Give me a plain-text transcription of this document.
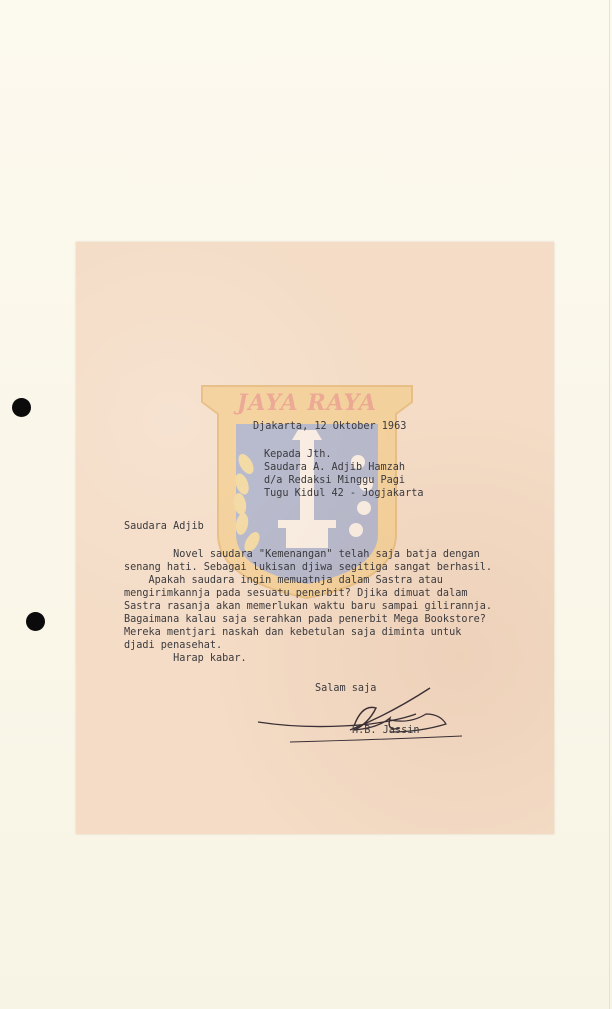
JAYA RAYA
Djakarta, 12 Oktober 1963
Kepada Jth.
Saudara A. Adjib Hamzah
d/a Redaksi Minggu Pagi
Tugu Kidul 42 - Jogjakarta
Saudara Adjib
Novel saudara "Kemenangan" telah saja batja dengan
senang hati. Sebagai lukisan djiwa segitiga sangat berhasil.
Apakah saudara ingin memuatnja dalam Sastra atau
mengirimkannja pada sesuatu penerbit? Djika dimuat dalam
Sastra rasanja akan memerlukan waktu baru sampai gilirannja.
Bagaimana kalau saja serahkan pada penerbit Mega Bookstore?
Mereka mentjari naskah dan kebetulan saja diminta untuk
djadi penasehat.
Harap kabar.
Salam saja
H.B. Jassin
